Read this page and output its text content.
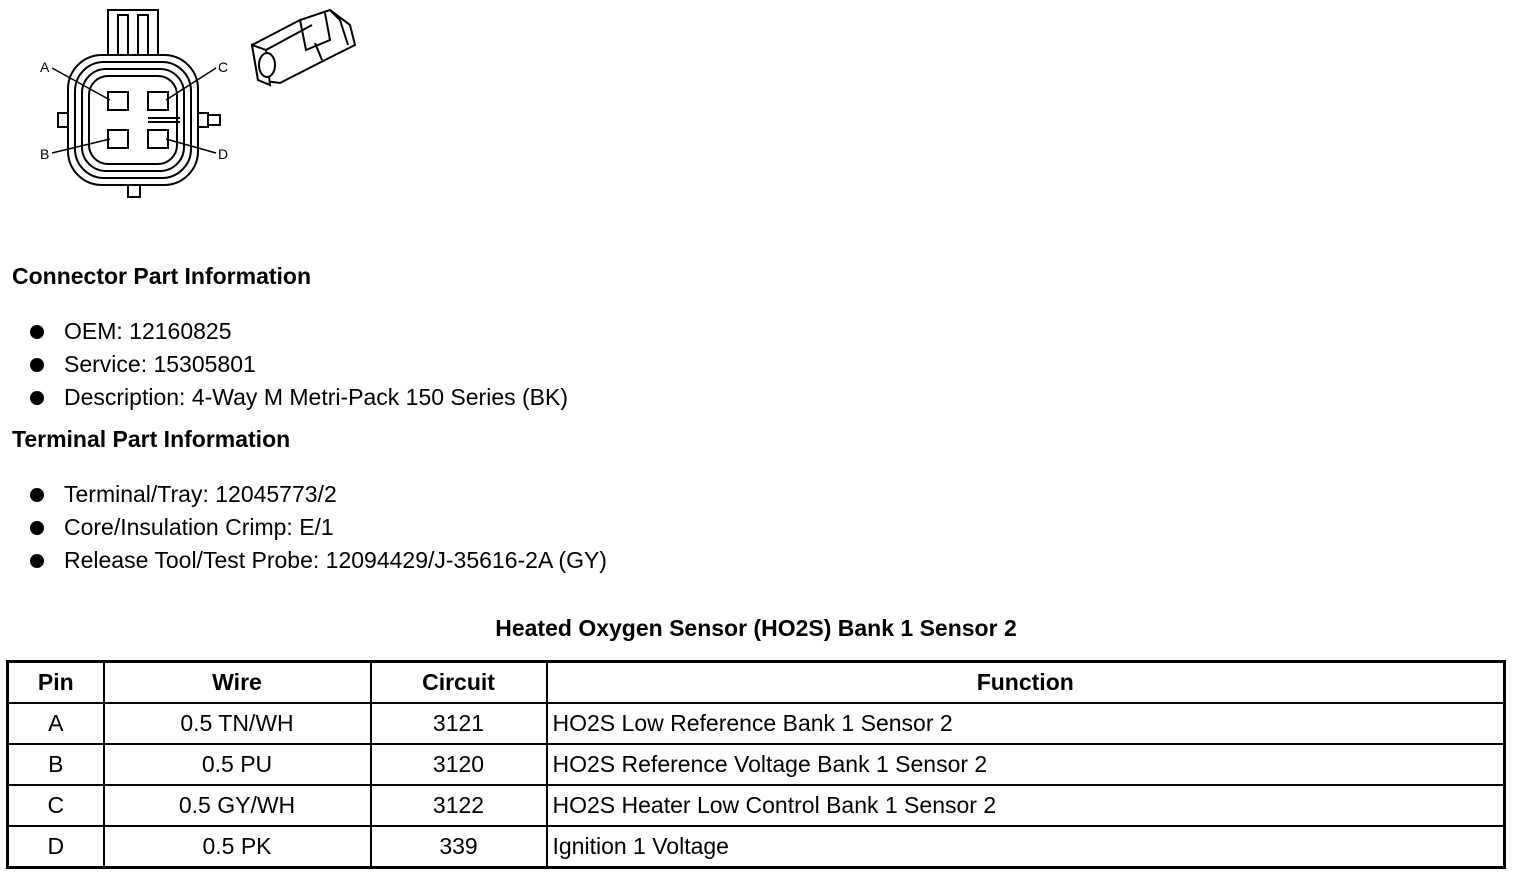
A
B
C
D
Connector Part Information
OEM: 12160825
Service: 15305801
Description: 4-Way M Metri-Pack 150 Series (BK)
Terminal Part Information
Terminal/Tray: 12045773/2
Core/Insulation Crimp: E/1
Release Tool/Test Probe: 12094429/J-35616-2A (GY)
Heated Oxygen Sensor (HO2S) Bank 1 Sensor 2
Pin	Wire	Circuit	Function
A	0.5 TN/WH	3121	HO2S Low Reference Bank 1 Sensor 2
B	0.5 PU	3120	HO2S Reference Voltage Bank 1 Sensor 2
C	0.5 GY/WH	3122	HO2S Heater Low Control Bank 1 Sensor 2
D	0.5 PK	339	Ignition 1 Voltage
